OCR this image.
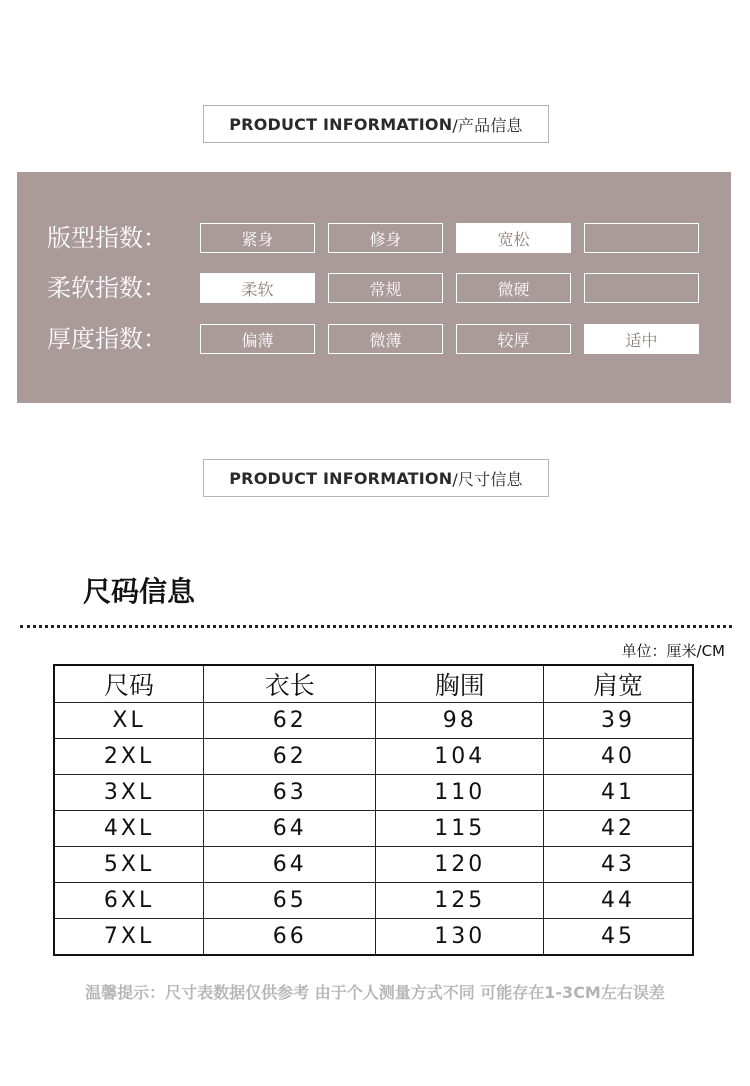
PRODUCT INFORMATION /产品信息
版型指数：	紧身	修身	宽松
柔软指数：	柔软	常规	微硬
厚度指数：	偏薄	微薄	较厚	适中
PRODUCT INFORMATION /尺寸信息
尺码信息
单位：厘米/CM
尺码	衣长	胸围	肩宽
XL	62	98	39
2XL	62	104	40
3XL	63	110	41
4XL	64	115	42
5XL	64	120	43
6XL	65	125	44
7XL	66	130	45
温馨提示：尺寸表数据仅供参考 由于个人测量方式不同 可能存在1-3CM左右误差
